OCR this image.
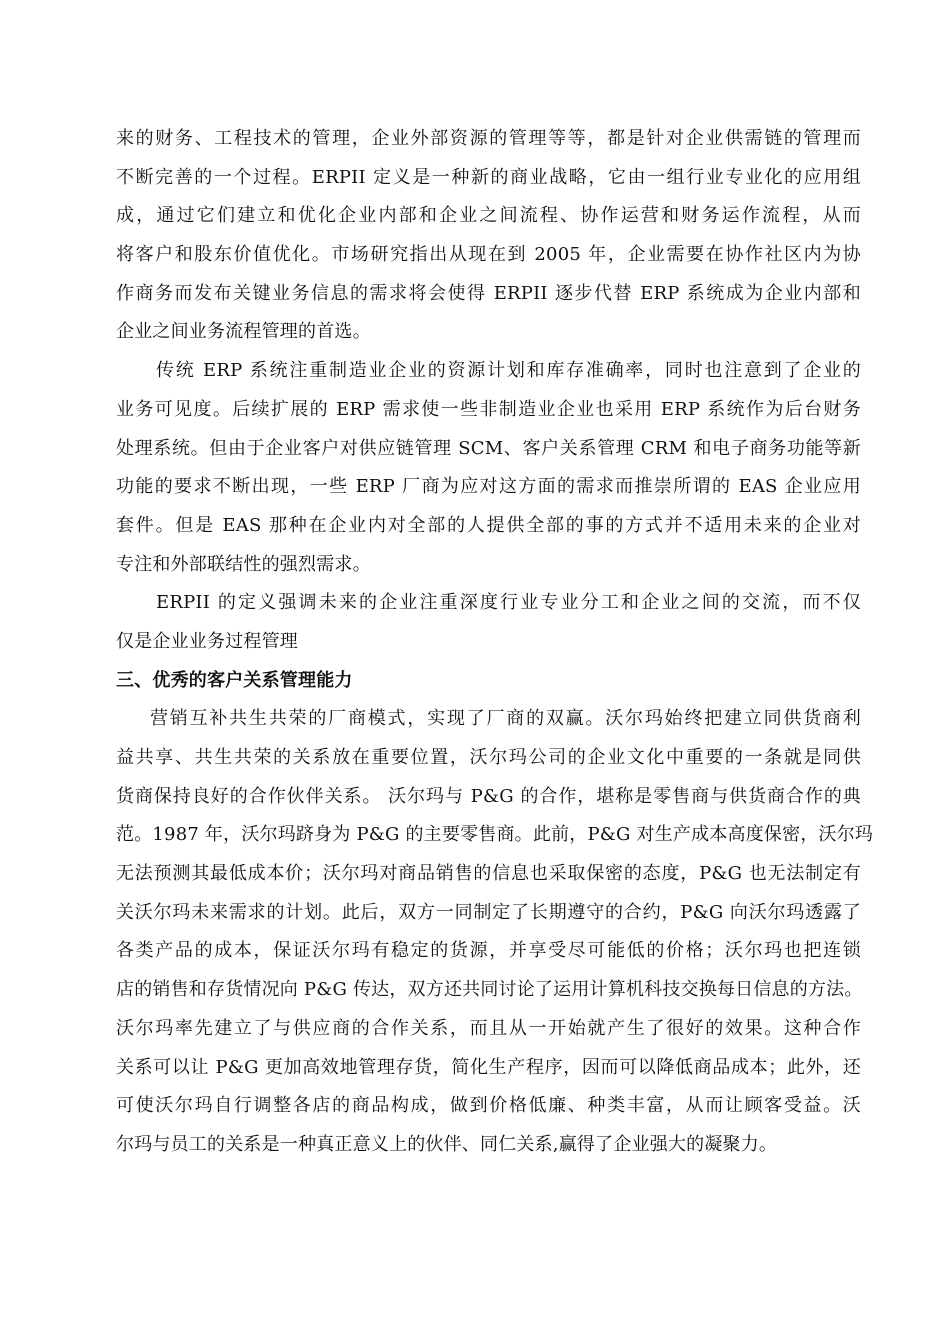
来的财务、工程技术的管理，企业外部资源的管理等等，都是针对企业供需链的管理而
不断完善的一个过程。ERPII 定义是一种新的商业战略，它由一组行业专业化的应用组
成，通过它们建立和优化企业内部和企业之间流程、协作运营和财务运作流程，从而
将客户和股东价值优化。市场研究指出从现在到 2005 年，企业需要在协作社区内为协
作商务而发布关键业务信息的需求将会使得 ERPII 逐步代替 ERP 系统成为企业内部和
企业之间业务流程管理的首选。
传统 ERP 系统注重制造业企业的资源计划和库存准确率，同时也注意到了企业的
业务可见度。后续扩展的 ERP 需求使一些非制造业企业也采用 ERP 系统作为后台财务
处理系统。但由于企业客户对供应链管理 SCM、客户关系管理 CRM 和电子商务功能等新
功能的要求不断出现，一些 ERP 厂商为应对这方面的需求而推崇所谓的 EAS 企业应用
套件。但是 EAS 那种在企业内对全部的人提供全部的事的方式并不适用未来的企业对
专注和外部联结性的强烈需求。
ERPII 的定义强调未来的企业注重深度行业专业分工和企业之间的交流，而不仅
仅是企业业务过程管理
三、优秀的客户关系管理能力
营销互补共生共荣的厂商模式，实现了厂商的双赢。沃尔玛始终把建立同供货商利
益共享、共生共荣的关系放在重要位置，沃尔玛公司的企业文化中重要的一条就是同供
货商保持良好的合作伙伴关系。 沃尔玛与 P&G 的合作，堪称是零售商与供货商合作的典
范。1987 年，沃尔玛跻身为 P&G 的主要零售商。此前，P&G 对生产成本高度保密，沃尔玛
无法预测其最低成本价；沃尔玛对商品销售的信息也采取保密的态度，P&G 也无法制定有
关沃尔玛未来需求的计划。此后，双方一同制定了长期遵守的合约，P&G 向沃尔玛透露了
各类产品的成本，保证沃尔玛有稳定的货源，并享受尽可能低的价格；沃尔玛也把连锁
店的销售和存货情况向 P&G 传达，双方还共同讨论了运用计算机科技交换每日信息的方法。
沃尔玛率先建立了与供应商的合作关系，而且从一开始就产生了很好的效果。这种合作
关系可以让 P&G 更加高效地管理存货，简化生产程序，因而可以降低商品成本；此外，还
可使沃尔玛自行调整各店的商品构成，做到价格低廉、种类丰富，从而让顾客受益。沃
尔玛与员工的关系是一种真正意义上的伙伴、同仁关系,赢得了企业强大的凝聚力。
